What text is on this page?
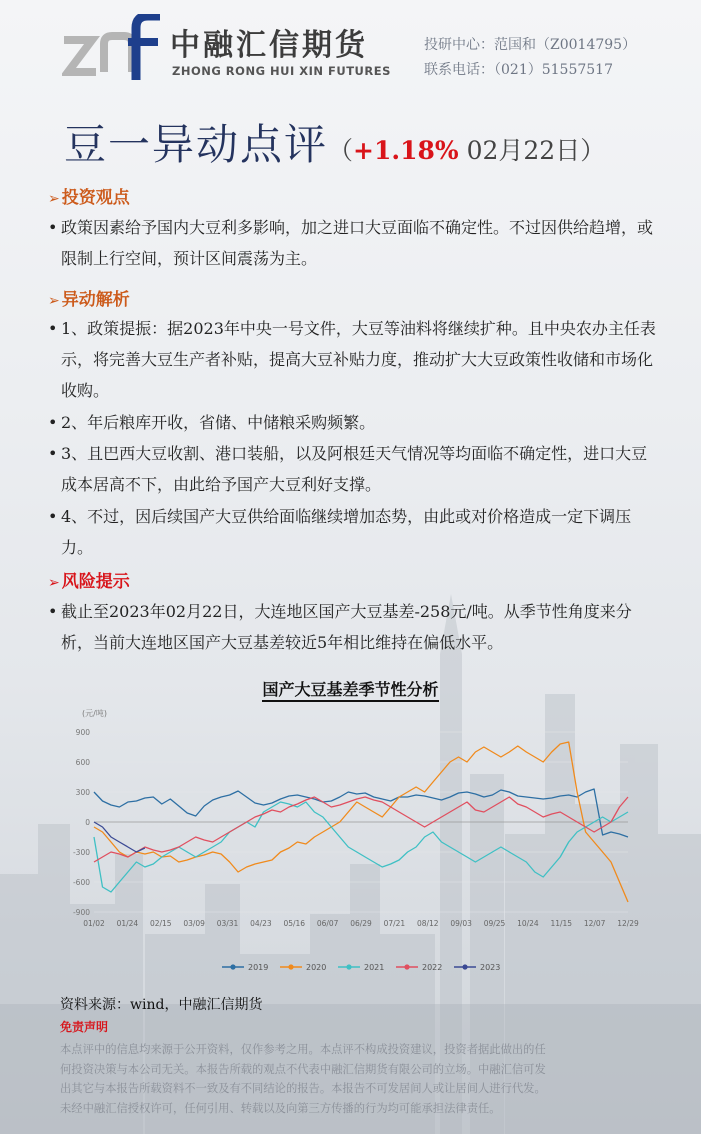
中融汇信期货
ZHONG RONG HUI XIN FUTURES
投研中心：范国和（Z0014795）
联系电话：（021）51557517
豆一异动点评（+1.18% 02月22日）
➢ 投资观点
• 政策因素给予国内大豆利多影响，加之进口大豆面临不确定性。不过因供给趋增，或限制上行空间，预计区间震荡为主。
➢ 异动解析
• 1、政策提振：据2023年中央一号文件，大豆等油料将继续扩种。且中央农办主任表示，将完善大豆生产者补贴，提高大豆补贴力度，推动扩大大豆政策性收储和市场化收购。
• 2、年后粮库开收，省储、中储粮采购频繁。
• 3、且巴西大豆收割、港口装船，以及阿根廷天气情况等均面临不确定性，进口大豆成本居高不下，由此给予国产大豆利好支撑。
• 4、不过，因后续国产大豆供给面临继续增加态势，由此或对价格造成一定下调压力。
➢ 风险提示
• 截止至2023年02月22日，大连地区国产大豆基差-258元/吨。从季节性角度来分析，当前大连地区国产大豆基差较近5年相比维持在偏低水平。
国产大豆基差季节性分析
(元/吨)
900
600
300
0
-300
-600
-900
01/02 01/24 02/15 03/09 03/31 04/23 05/16 06/07 06/29 07/21 08/12 09/03 09/25 10/24 11/15 12/07 12/29
2019	2020	2021	2022	2023
资料来源：wind，中融汇信期货
免责声明
本点评中的信息均来源于公开资料，仅作参考之用。本点评不构成投资建议，投资者据此做出的任
何投资决策与本公司无关。本报告所载的观点不代表中融汇信期货有限公司的立场。中融汇信可发
出其它与本报告所载资料不一致及有不同结论的报告。本报告不可发居间人或让居间人进行代发。
未经中融汇信授权许可，任何引用、转载以及向第三方传播的行为均可能承担法律责任。
